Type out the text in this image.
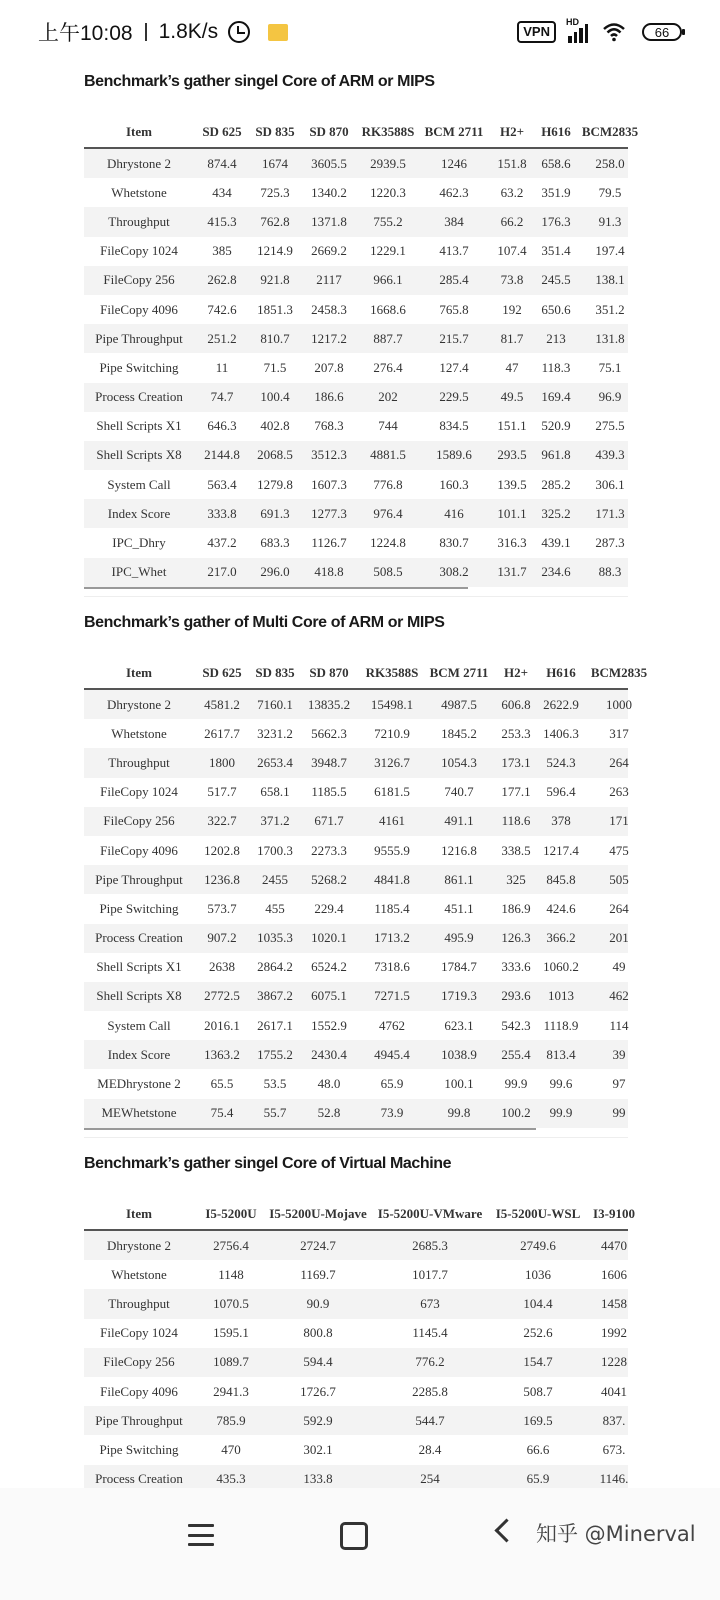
上午10:08 1.8K/s	VPN
HD
66
Benchmark’s gather singel Core of ARM or MIPS
Item	SD 625 SD 835 SD 870 RK3588S BCM 2711 H2+ H616 BCM2835
Dhrystone 2	874.4 1674 3605.5 2939.5	1246 151.8 658.6 258.0
Whetstone	434 725.3 1340.2 1220.3	462.3 63.2 351.9 79.5
Throughput	415.3 762.8 1371.8 755.2	384	66.2 176.3 91.3
FileCopy 1024	385 1214.9 2669.2 1229.1	413.7 107.4 351.4 197.4
FileCopy 256	262.8 921.8 2117 966.1	285.4 73.8 245.5 138.1
FileCopy 4096 742.6 1851.3 2458.3 1668.6	765.8	192 650.6 351.2
Pipe Throughput 251.2 810.7 1217.2 887.7	215.7 81.7 213 131.8
Pipe Switching	11	71.5 207.8 276.4	127.4	47 118.3 75.1
Process Creation 74.7 100.4 186.6	202	229.5 49.5 169.4 96.9
Shell Scripts X1 646.3 402.8 768.3	744	834.5 151.1 520.9 275.5
Shell Scripts X8 2144.8 2068.5 3512.3 4881.5 1589.6 293.5 961.8 439.3
System Call	563.4 1279.8 1607.3 776.8	160.3 139.5 285.2 306.1
Index Score	333.8 691.3 1277.3 976.4	416	101.1 325.2 171.3
IPC_Dhry	437.2 683.3 1126.7 1224.8	830.7 316.3 439.1 287.3
IPC_Whet	217.0 296.0 418.8 508.5	308.2 131.7 234.6 88.3
Benchmark’s gather of Multi Core of ARM or MIPS
Item	SD 625 SD 835 SD 870 RK3588S BCM 2711 H2+ H616 BCM2835
Dhrystone 2	4581.2 7160.1 13835.2 15498.1 4987.5 606.8 2622.9 1000
Whetstone	2617.7 3231.2 5662.3 7210.9 1845.2 253.3 1406.3 317
Throughput	1800 2653.4 3948.7 3126.7 1054.3 173.1 524.3	264
FileCopy 1024 517.7 658.1 1185.5 6181.5	740.7 177.1 596.4	263
FileCopy 256	322.7 371.2 671.7	4161	491.1 118.6 378	171
FileCopy 4096 1202.8 1700.3 2273.3 9555.9 1216.8 338.5 1217.4 475
Pipe Throughput 1236.8 2455 5268.2 4841.8	861.1	325 845.8	505
Pipe Switching 573.7 455 229.4 1185.4	451.1 186.9 424.6	264
Process Creation 907.2 1035.3 1020.1 1713.2	495.9 126.3 366.2	201
Shell Scripts X1 2638 2864.2 6524.2 7318.6 1784.7 333.6 1060.2	49
Shell Scripts X8 2772.5 3867.2 6075.1 7271.5 1719.3 293.6 1013	462
System Call	2016.1 2617.1 1552.9 4762	623.1 542.3 1118.9 114
Index Score	1363.2 1755.2 2430.4 4945.4 1038.9 255.4 813.4	39
MEDhrystone 2 65.5 53.5 48.0	65.9	100.1 99.9 99.6	97
MEWhetstone	75.4 55.7 52.8	73.9	99.8 100.2 99.9	99
Benchmark’s gather singel Core of Virtual Machine
Item	I5-5200U I5-5200U-Mojave I5-5200U-VMware I5-5200U-WSL I3-9100
Dhrystone 2	2756.4	2724.7	2685.3	2749.6	4470
Whetstone	1148	1169.7	1017.7	1036	1606
Throughput	1070.5	90.9	673	104.4	1458
FileCopy 1024	1595.1	800.8	1145.4	252.6	1992
FileCopy 256	1089.7	594.4	776.2	154.7	1228
FileCopy 4096	2941.3	1726.7	2285.8	508.7	4041
Pipe Throughput	785.9	592.9	544.7	169.5	837.
Pipe Switching	470	302.1	28.4	66.6	673.
Process Creation	435.3	133.8	254	65.9	1146.
知乎 @Minerval
